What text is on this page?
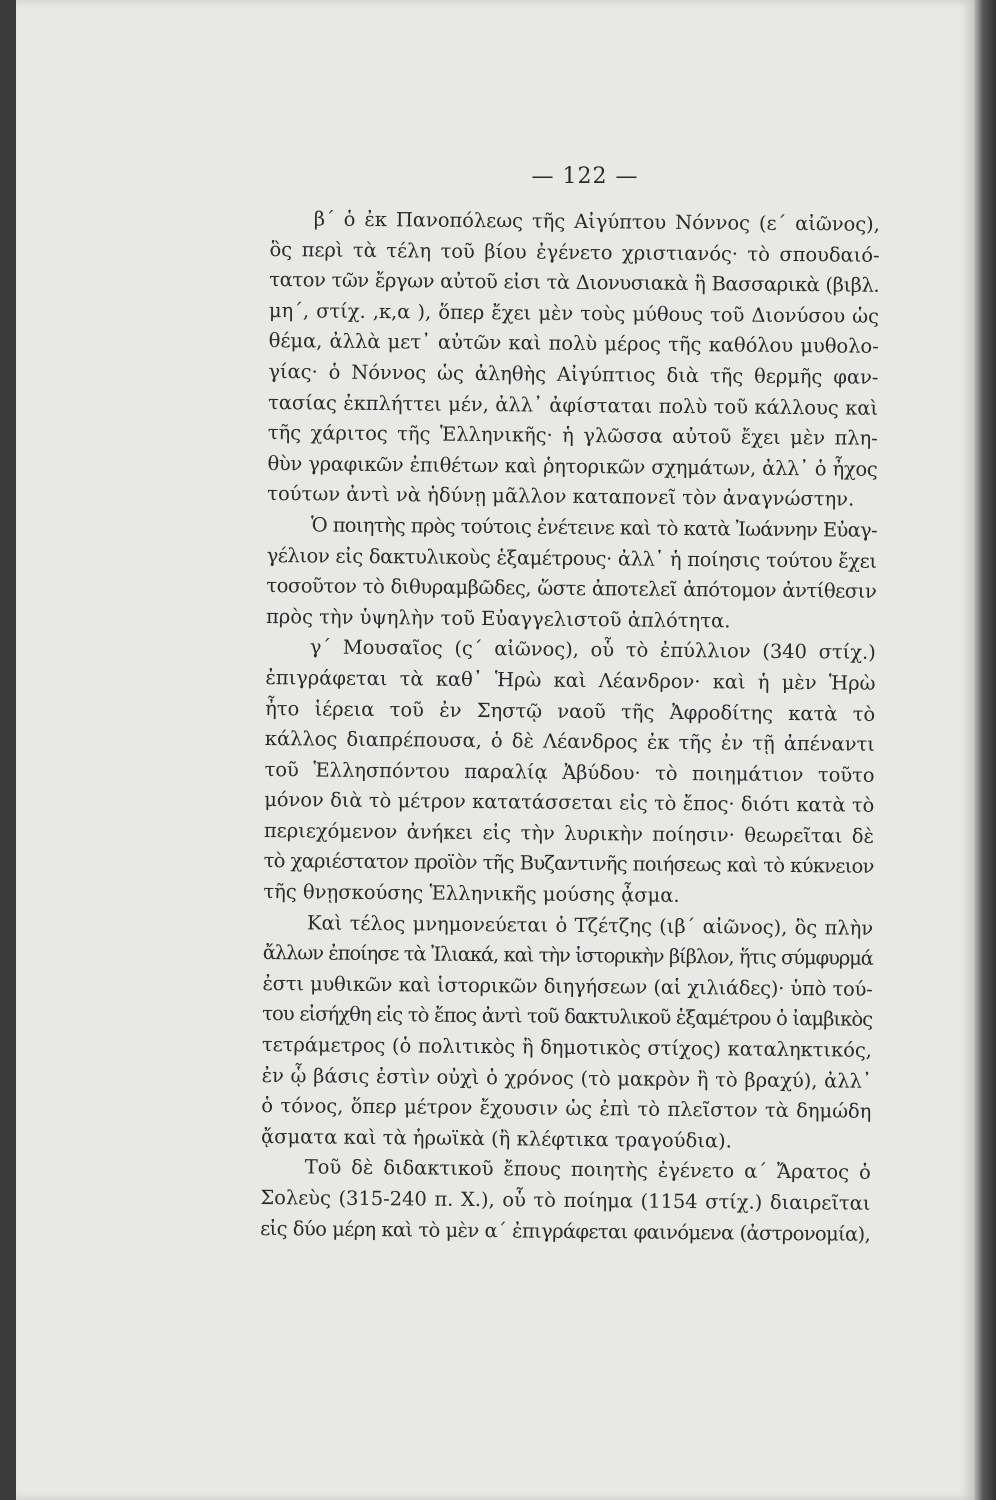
— 122 —

β΄ ὁ ἐκ Πανοπόλεως τῆς Αἰγύπτου Νόννος (ε΄ αἰῶνος),
ὃς περὶ τὰ τέλη τοῦ βίου ἐγένετο χριστιανός· τὸ σπουδαιό-
τατον τῶν ἔργων αὐτοῦ εἰσι τὰ Διονυσιακὰ ἢ Βασσαρικὰ (βιβλ.
μη΄, στίχ. ,κ,α ), ὅπερ ἔχει μὲν τοὺς μύθους τοῦ Διονύσου ὡς
θέμα, ἀλλὰ μετ᾽ αὐτῶν καὶ πολὺ μέρος τῆς καθόλου μυθολο-
γίας· ὁ Νόννος ὡς ἀληθὴς Αἰγύπτιος διὰ τῆς θερμῆς φαν-
τασίας ἐκπλήττει μέν, ἀλλ᾽ ἀφίσταται πολὺ τοῦ κάλλους καὶ
τῆς χάριτος τῆς Ἑλληνικῆς· ἡ γλῶσσα αὐτοῦ ἔχει μὲν πλη-
θὺν γραφικῶν ἐπιθέτων καὶ ῥητορικῶν σχημάτων, ἀλλ᾽ ὁ ἦχος
τούτων ἀντὶ νὰ ἡδύνῃ μᾶλλον καταπονεῖ τὸν ἀναγνώστην.

Ὁ ποιητὴς πρὸς τούτοις ἐνέτεινε καὶ τὸ κατὰ Ἰωάννην Εὐαγ-
γέλιον εἰς δακτυλικοὺς ἑξαμέτρους· ἀλλ᾽ ἡ ποίησις τούτου ἔχει
τοσοῦτον τὸ διθυραμβῶδες, ὥστε ἀποτελεῖ ἀπότομον ἀντίθεσιν
πρὸς τὴν ὑψηλὴν τοῦ Εὐαγγελιστοῦ ἁπλότητα.

γ΄ Μουσαῖος (ς΄ αἰῶνος), οὗ τὸ ἐπύλλιον (340 στίχ.)
ἐπιγράφεται τὰ καθ᾽ Ἡρὼ καὶ Λέανδρον· καὶ ἡ μὲν Ἡρὼ
ἦτο ἱέρεια τοῦ ἐν Σηστῷ ναοῦ τῆς Ἀφροδίτης κατὰ τὸ
κάλλος διαπρέπουσα, ὁ δὲ Λέανδρος ἐκ τῆς ἐν τῇ ἀπέναντι
τοῦ Ἑλλησπόντου παραλίᾳ Ἀβύδου· τὸ ποιημάτιον τοῦτο
μόνον διὰ τὸ μέτρον κατατάσσεται εἰς τὸ ἔπος· διότι κατὰ τὸ
περιεχόμενον ἀνήκει εἰς τὴν λυρικὴν ποίησιν· θεωρεῖται δὲ
τὸ χαριέστατον προϊὸν τῆς Βυζαντινῆς ποιήσεως καὶ τὸ κύκνειον
τῆς θνῃσκούσης Ἑλληνικῆς μούσης ᾆσμα.

Καὶ τέλος μνημονεύεται ὁ Τζέτζης (ιβ΄ αἰῶνος), ὃς πλὴν
ἄλλων ἐποίησε τὰ Ἰλιακά, καὶ τὴν ἱστορικὴν βίβλον, ἥτις σύμφυρμά
ἐστι μυθικῶν καὶ ἱστορικῶν διηγήσεων (αἱ χιλιάδες)· ὑπὸ τού-
του εἰσήχθη εἰς τὸ ἔπος ἀντὶ τοῦ δακτυλικοῦ ἑξαμέτρου ὁ ἰαμβικὸς
τετράμετρος (ὁ πολιτικὸς ἢ δημοτικὸς στίχος) καταληκτικός,
ἐν ᾧ βάσις ἐστὶν οὐχὶ ὁ χρόνος (τὸ μακρὸν ἢ τὸ βραχύ), ἀλλ᾽
ὁ τόνος, ὅπερ μέτρον ἔχουσιν ὡς ἐπὶ τὸ πλεῖστον τὰ δημώδη
ᾄσματα καὶ τὰ ἡρωϊκὰ (ἢ κλέφτικα τραγούδια).

Τοῦ δὲ διδακτικοῦ ἔπους ποιητὴς ἐγένετο α΄ Ἄρατος ὁ
Σολεὺς (315-240 π. Χ.), οὗ τὸ ποίημα (1154 στίχ.) διαιρεῖται
εἰς δύο μέρη καὶ τὸ μὲν α΄ ἐπιγράφεται φαινόμενα (ἀστρονομία),
